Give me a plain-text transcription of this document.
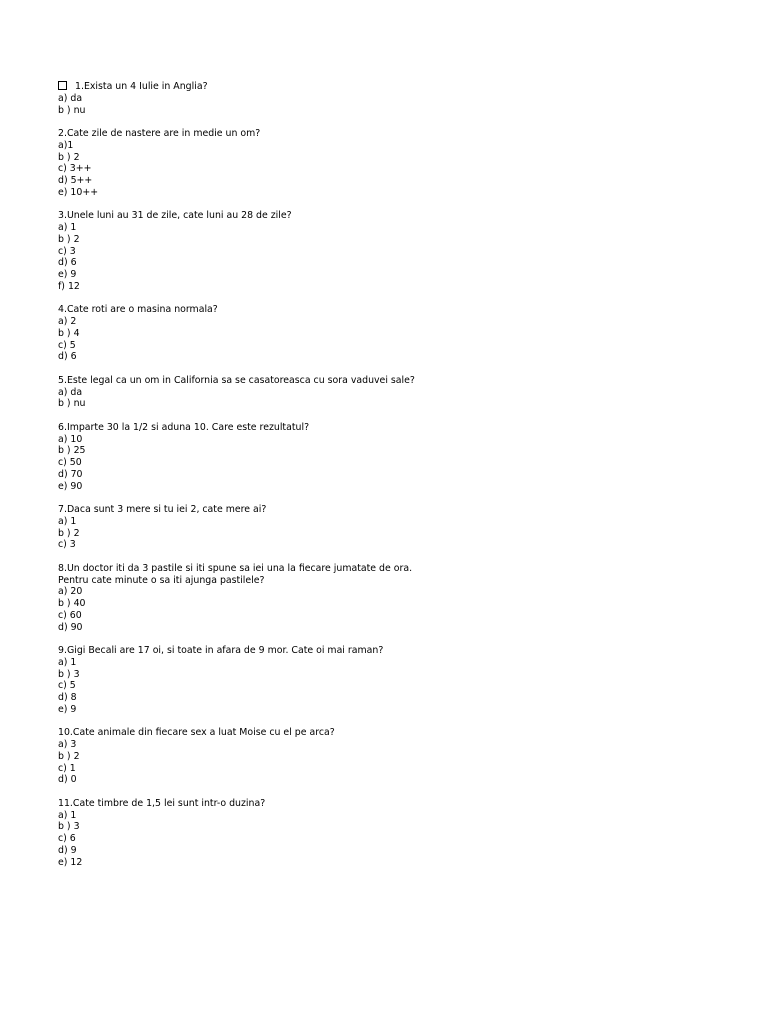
1.Exista un 4 Iulie in Anglia?
a) da
b ) nu
2.Cate zile de nastere are in medie un om?
a)1
b ) 2
c) 3++
d) 5++
e) 10++
3.Unele luni au 31 de zile, cate luni au 28 de zile?
a) 1
b ) 2
c) 3
d) 6
e) 9
f) 12
4.Cate roti are o masina normala?
a) 2
b ) 4
c) 5
d) 6
5.Este legal ca un om in California sa se casatoreasca cu sora vaduvei sale?
a) da
b ) nu
6.Imparte 30 la 1/2 si aduna 10. Care este rezultatul?
a) 10
b ) 25
c) 50
d) 70
e) 90
7.Daca sunt 3 mere si tu iei 2, cate mere ai?
a) 1
b ) 2
c) 3
8.Un doctor iti da 3 pastile si iti spune sa iei una la fiecare jumatate de ora.
Pentru cate minute o sa iti ajunga pastilele?
a) 20
b ) 40
c) 60
d) 90
9.Gigi Becali are 17 oi, si toate in afara de 9 mor. Cate oi mai raman?
a) 1
b ) 3
c) 5
d) 8
e) 9
10.Cate animale din fiecare sex a luat Moise cu el pe arca?
a) 3
b ) 2
c) 1
d) 0
11.Cate timbre de 1,5 lei sunt intr-o duzina?
a) 1
b ) 3
c) 6
d) 9
e) 12
